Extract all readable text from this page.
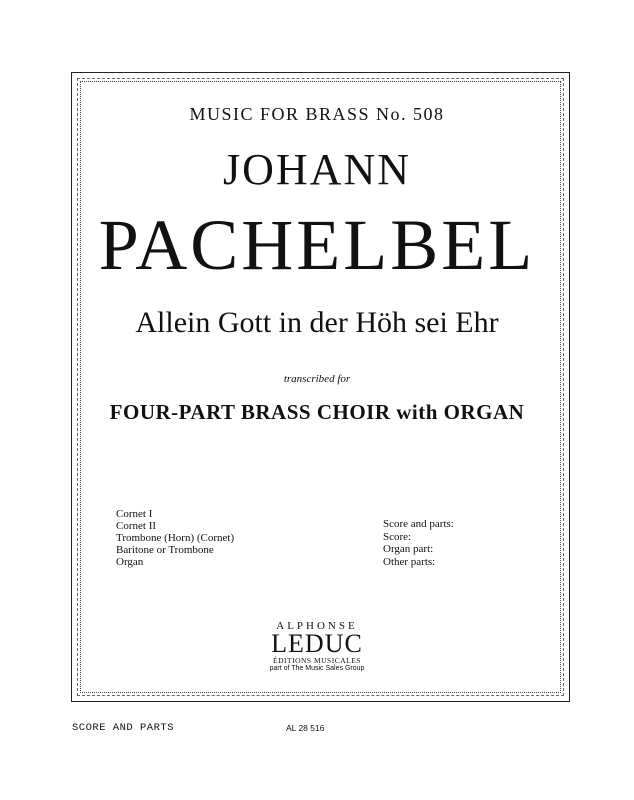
MUSIC FOR BRASS No. 508
JOHANN
PACHELBEL
Allein Gott in der Höh sei Ehr
transcribed for
FOUR-PART BRASS CHOIR with ORGAN
Cornet I
Cornet II
Trombone (Horn) (Cornet)
Baritone or Trombone
Organ
Score and parts:
Score:
Organ part:
Other parts:
ALPHONSE
LEDUC
ÉDITIONS MUSICALES
part of The Music Sales Group
SCORE AND PARTS	AL 28 516
